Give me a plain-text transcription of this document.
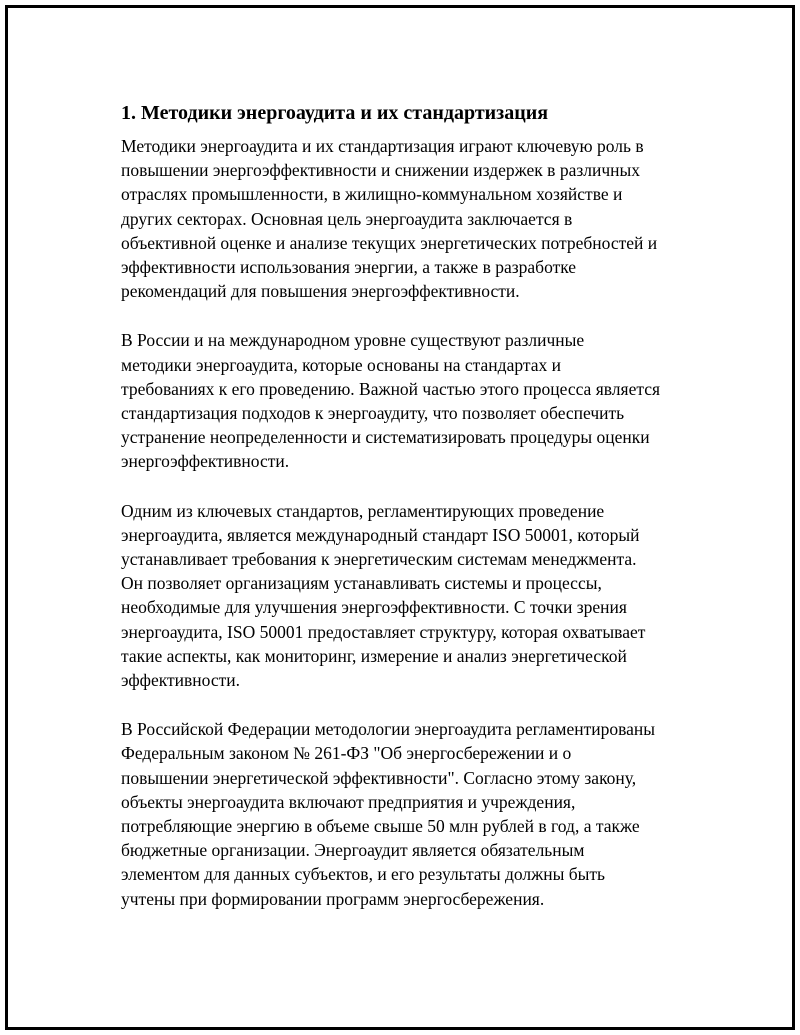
1. Методики энергоаудита и их стандартизация

Методики энергоаудита и их стандартизация играют ключевую роль в
повышении энергоэффективности и снижении издержек в различных
отраслях промышленности, в жилищно-коммунальном хозяйстве и
других секторах. Основная цель энергоаудита заключается в
объективной оценке и анализе текущих энергетических потребностей и
эффективности использования энергии, а также в разработке
рекомендаций для повышения энергоэффективности.

В России и на международном уровне существуют различные
методики энергоаудита, которые основаны на стандартах и
требованиях к его проведению. Важной частью этого процесса является
стандартизация подходов к энергоаудиту, что позволяет обеспечить
устранение неопределенности и систематизировать процедуры оценки
энергоэффективности.

Одним из ключевых стандартов, регламентирующих проведение
энергоаудита, является международный стандарт ISO 50001, который
устанавливает требования к энергетическим системам менеджмента.
Он позволяет организациям устанавливать системы и процессы,
необходимые для улучшения энергоэффективности. С точки зрения
энергоаудита, ISO 50001 предоставляет структуру, которая охватывает
такие аспекты, как мониторинг, измерение и анализ энергетической
эффективности.

В Российской Федерации методологии энергоаудита регламентированы
Федеральным законом № 261-ФЗ "Об энергосбережении и о
повышении энергетической эффективности". Согласно этому закону,
объекты энергоаудита включают предприятия и учреждения,
потребляющие энергию в объеме свыше 50 млн рублей в год, а также
бюджетные организации. Энергоаудит является обязательным
элементом для данных субъектов, и его результаты должны быть
учтены при формировании программ энергосбережения.
